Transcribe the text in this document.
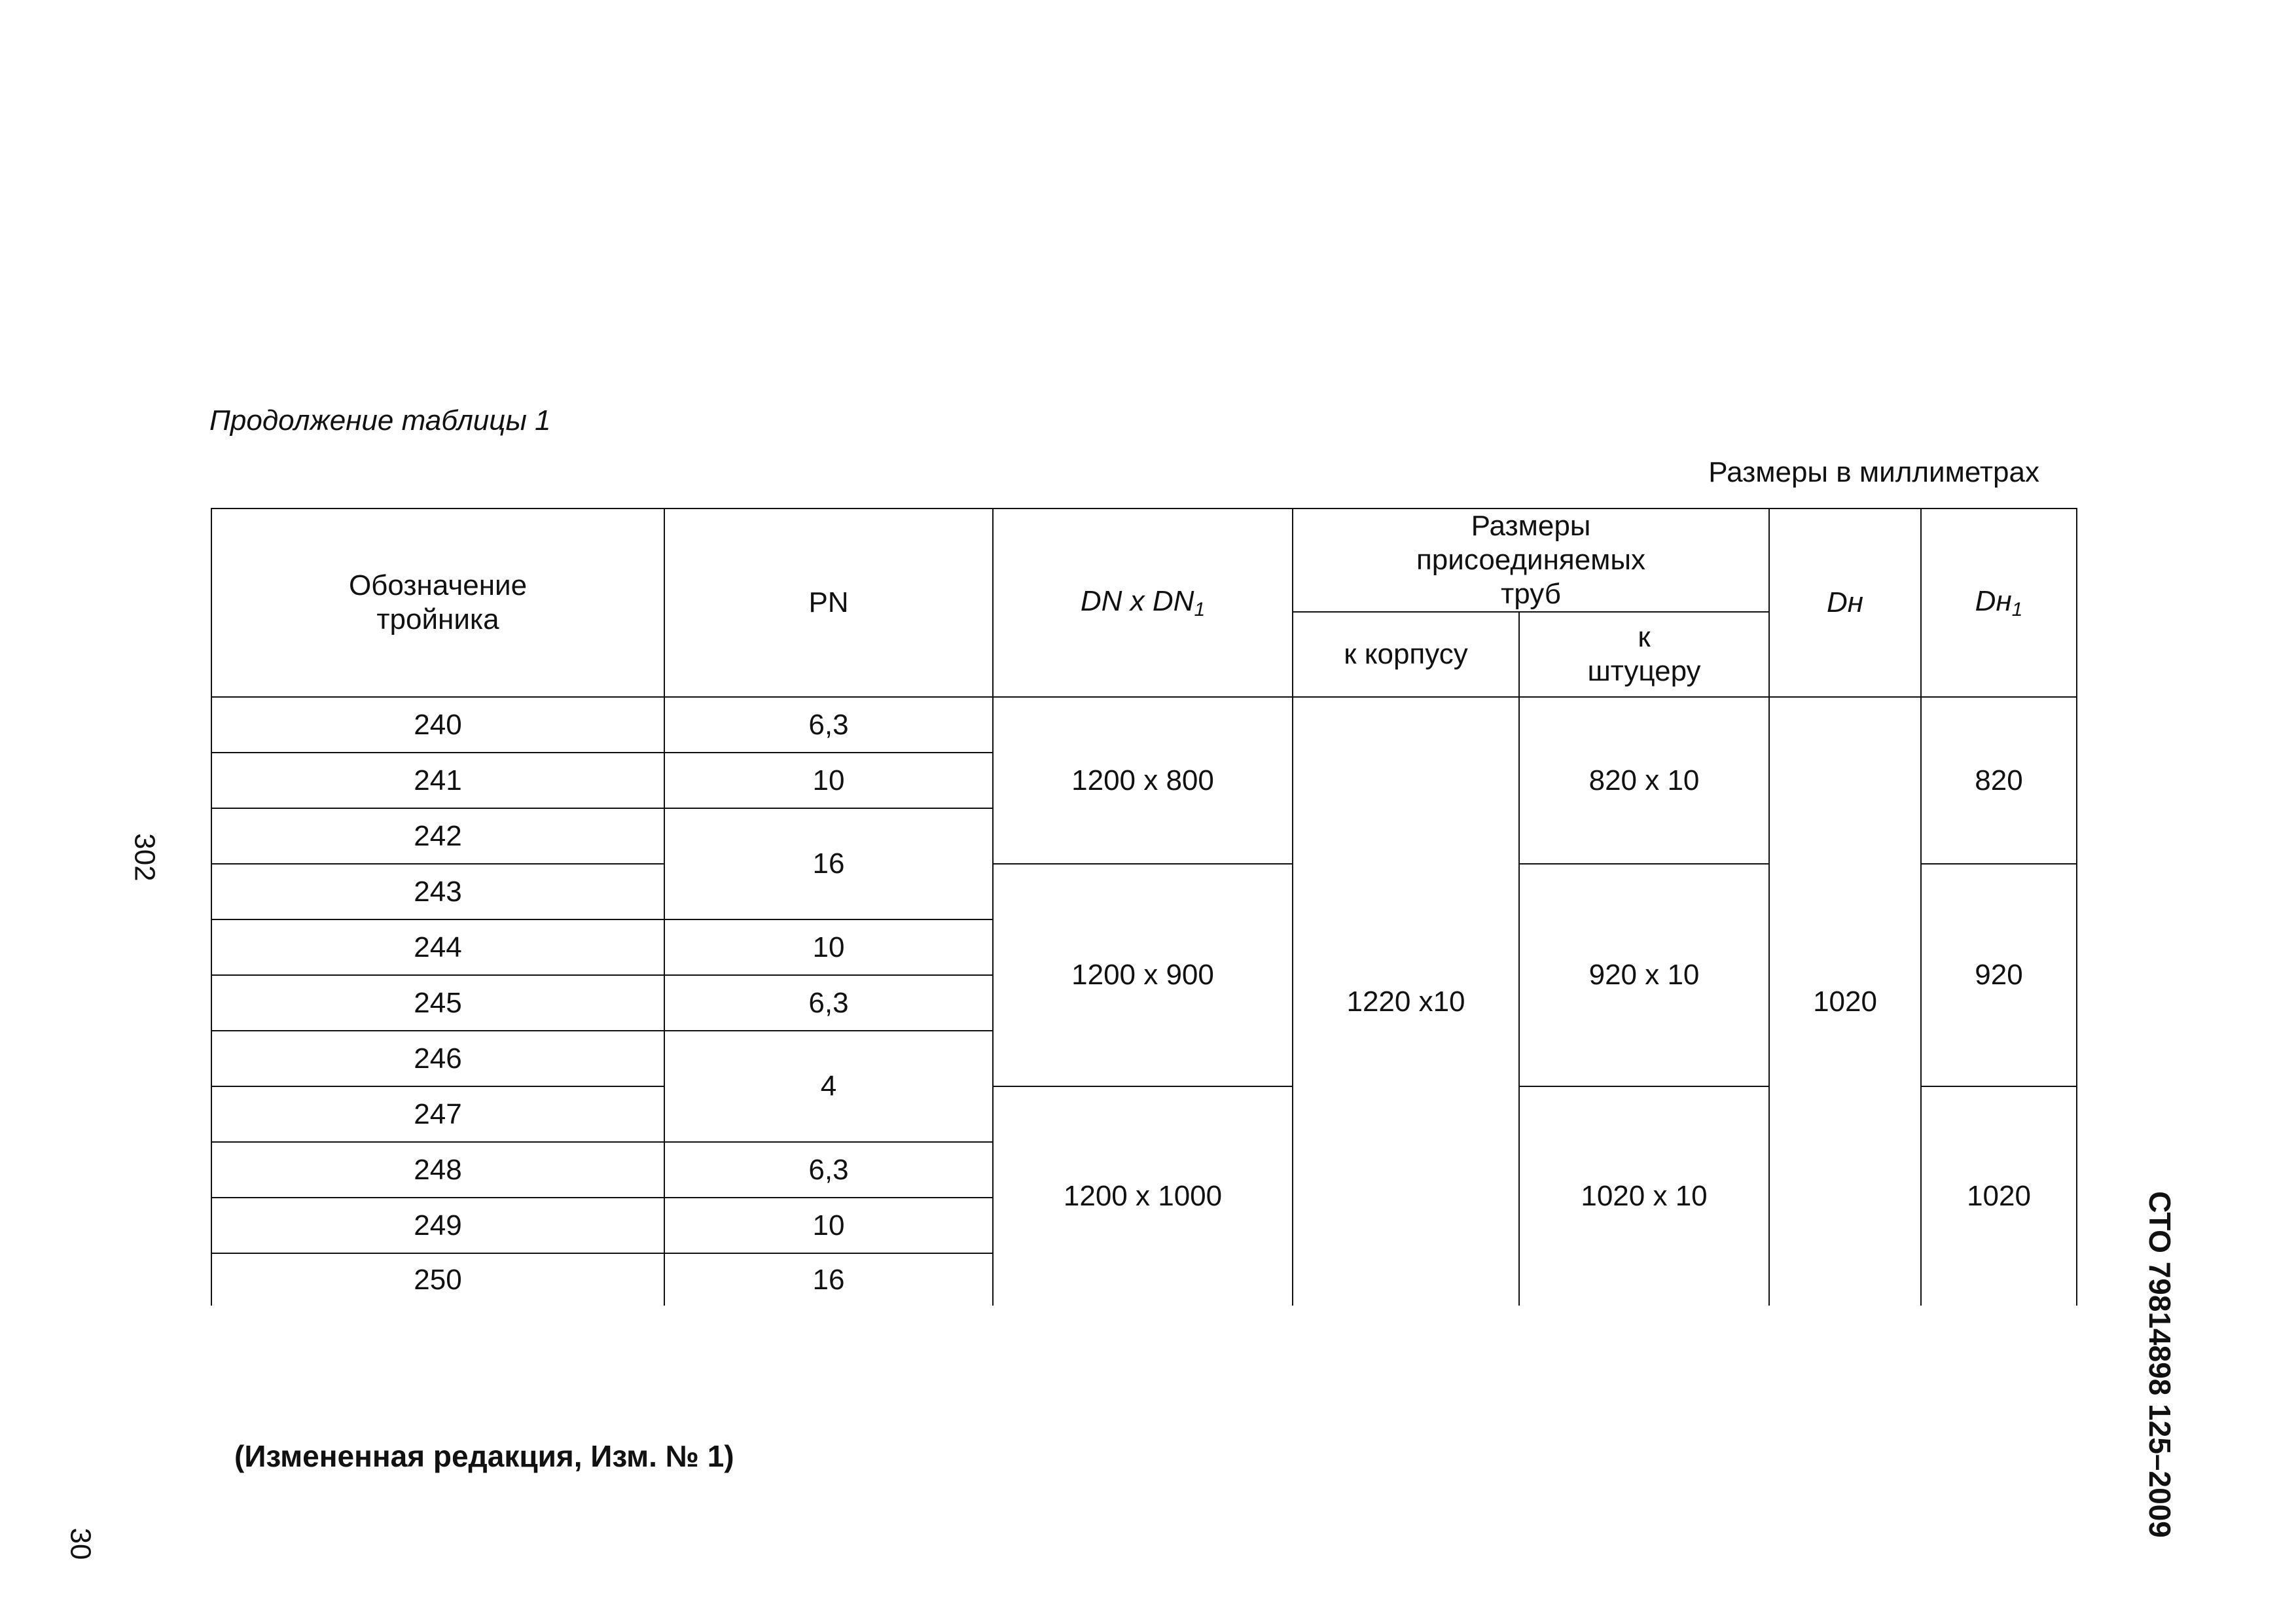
Продолжение таблицы 1
Размеры в миллиметрах
Обозначение тройника	PN	DN x $DN_1$	Размеры присоединяемых труб		Dн	$Dн_1$
			к корпусу	к штуцеру		
240	6,3	1200 x 800	1220 x10	820 x 10	1020	820
241	10					
242	16					
243		1200 x 900		920 x 10		920
244	10					
245	6,3					
246	4					
247		1200 x 1000		1020 x 10		1020
248	6,3					
249	10					
250	16					
302
30
СТО 79814898 125–2009
(Измененная редакция, Изм. № 1)
